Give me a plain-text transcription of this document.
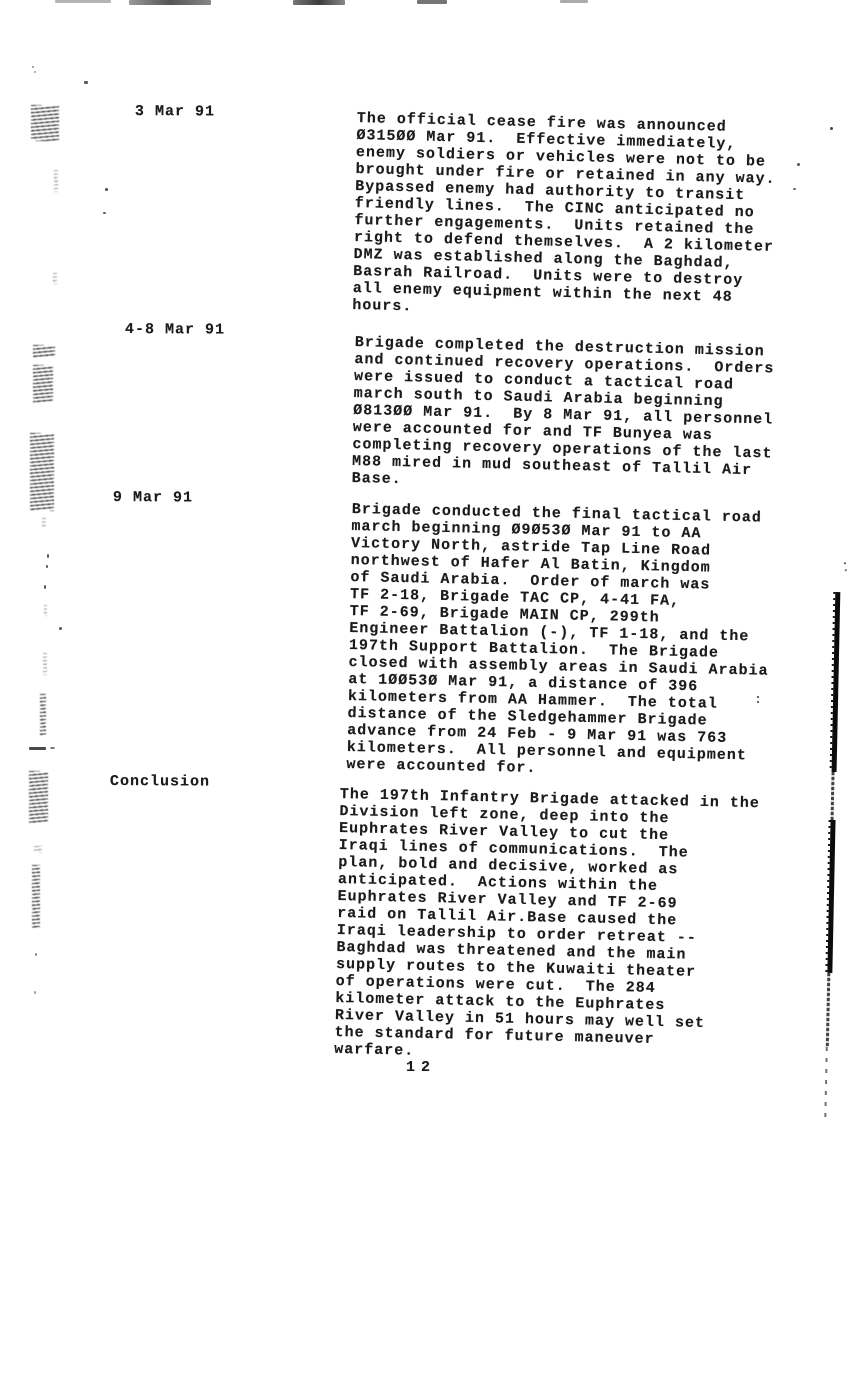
3 Mar 91
4-8 Mar 91
9 Mar 91
Conclusion
The official cease fire was announced
Ø315ØØ Mar 91.  Effective immediately,
enemy soldiers or vehicles were not to be
brought under fire or retained in any way.
Bypassed enemy had authority to transit
friendly lines.  The CINC anticipated no
further engagements.  Units retained the
right to defend themselves.  A 2 kilometer
DMZ was established along the Baghdad,
Basrah Railroad.  Units were to destroy
all enemy equipment within the next 48
hours.
Brigade completed the destruction mission
and continued recovery operations.  Orders
were issued to conduct a tactical road
march south to Saudi Arabia beginning
Ø813ØØ Mar 91.  By 8 Mar 91, all personnel
were accounted for and TF Bunyea was
completing recovery operations of the last
M88 mired in mud southeast of Tallil Air
Base.
Brigade conducted the final tactical road
march beginning Ø9Ø53Ø Mar 91 to AA
Victory North, astride Tap Line Road
northwest of Hafer Al Batin, Kingdom
of Saudi Arabia.  Order of march was
TF 2-18, Brigade TAC CP, 4-41 FA,
TF 2-69, Brigade MAIN CP, 299th
Engineer Battalion (-), TF 1-18, and the
197th Support Battalion.  The Brigade
closed with assembly areas in Saudi Arabia
at 1ØØ53Ø Mar 91, a distance of 396
kilometers from AA Hammer.  The total
distance of the Sledgehammer Brigade
advance from 24 Feb - 9 Mar 91 was 763
kilometers.  All personnel and equipment
were accounted for.
The 197th Infantry Brigade attacked in the
Division left zone, deep into the
Euphrates River Valley to cut the
Iraqi lines of communications.  The
plan, bold and decisive, worked as
anticipated.  Actions within the
Euphrates River Valley and TF 2-69
raid on Tallil Air.Base caused the
Iraqi leadership to order retreat --
Baghdad was threatened and the main
supply routes to the Kuwaiti theater
of operations were cut.  The 284
kilometer attack to the Euphrates
River Valley in 51 hours may well set
the standard for future maneuver
warfare.
12
